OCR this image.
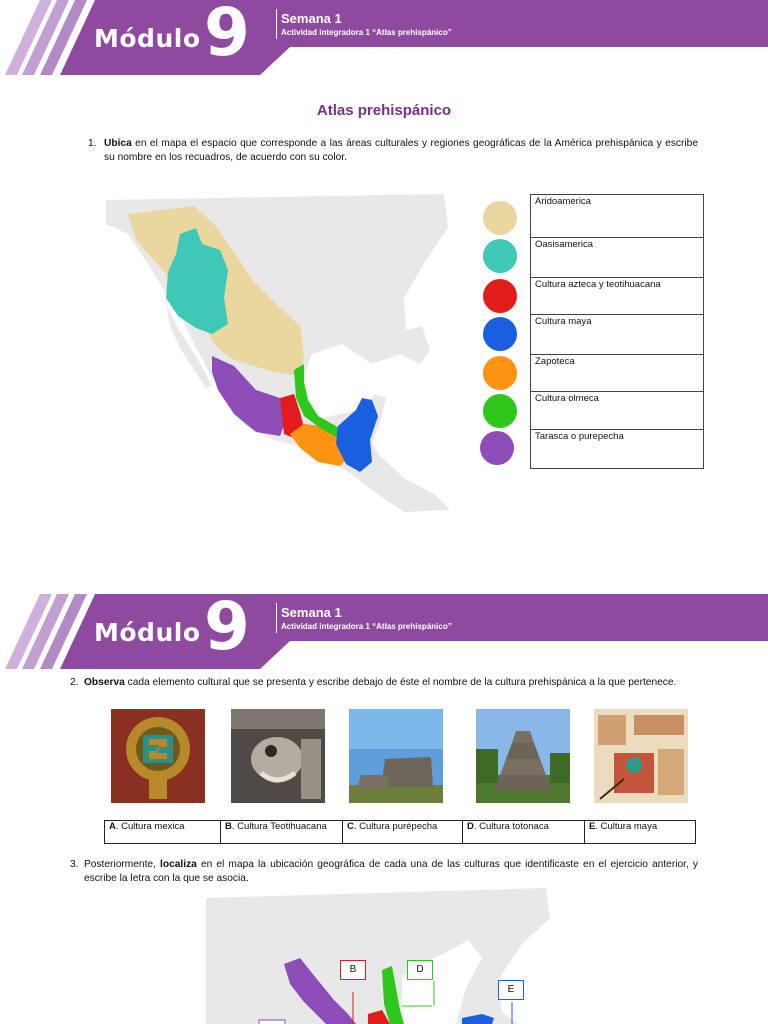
Módulo 9 Semana 1
Actividad integradora 1 “Atlas prehispánico”
Atlas prehispánico
1. Ubica en el mapa el espacio que corresponde a las áreas culturales y regiones geográficas de la América prehispánica y escribe su nombre en los recuadros, de acuerdo con su color.
Aridoamerica
Oasisamerica
Cultura azteca y teotihuacana
Cultura maya
Zapoteca
Cultura olmeca
Tarasca o purepecha
Módulo 9 Semana 1
Actividad integradora 1 “Atlas prehispánico”
2. Observa cada elemento cultural que se presenta y escribe debajo de éste el nombre de la cultura prehispánica a la que pertenece.
A. Cultura mexica	B. Cultura Teotihuacana	C. Cultura purépecha	D. Cultura totonaca	E. Cultura maya
3. Posteriormente, localiza en el mapa la ubicación geográfica de cada una de las culturas que identificaste en el ejercicio anterior, y escribe la letra con la que se asocia.
B	D
E
